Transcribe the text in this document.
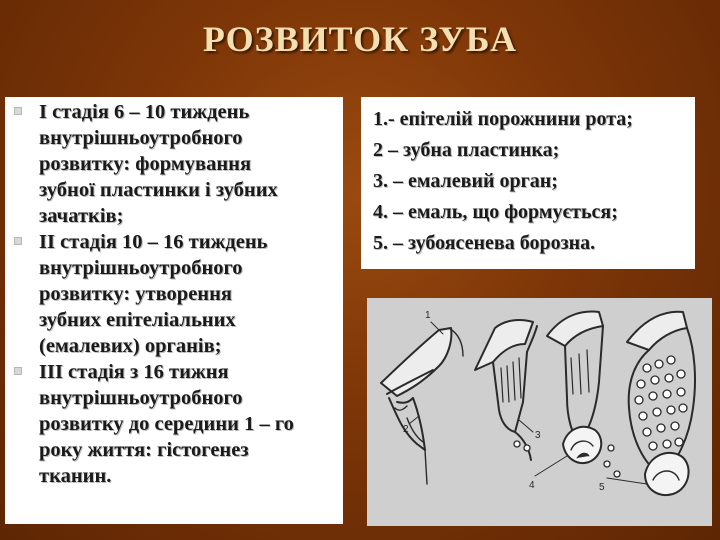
РОЗВИТОК ЗУБА
І стадія 6 – 10 тиждень
внутрішньоутробного
розвитку: формування
зубної пластинки і зубних
зачатків;
ІІ стадія 10 – 16 тиждень
внутрішньоутробного
розвитку: утворення
зубних епітеліальних
(емалевих) органів;
ІІІ стадія з 16 тижня
внутрішньоутробного
розвитку до середини 1 – го
року життя: гістогенез
тканин.
1.- епітелій порожнини рота;
2 – зубна пластинка;
3. – емалевий орган;
4. – емаль, що формується;
5. – зубоясенева борозна.
1
2
3
4	5
